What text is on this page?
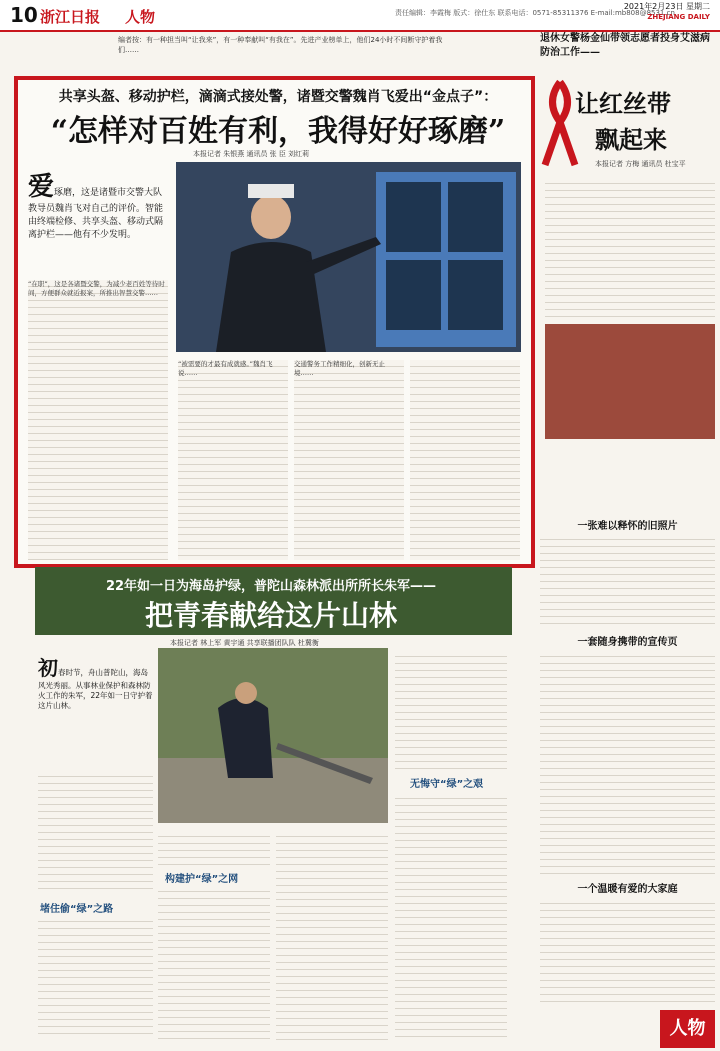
10 浙江日报 人物	责任编辑：李霞梅 版式：徐仕东 联系电话：0571-85311376 E-mail:mb808@8531.cn
2021年2月23日 星期二
ZHEJIANG DAILY
编者按：有一种担当叫“让我来”，有一种奉献叫“有我在”。先进产业榜单上，他们24小时不间断守护着我们……
共享头盔、移动护栏，滴滴式接处警，诸暨交警魏肖飞爱出“金点子”：
“怎样对百姓有利，我得好好琢磨”
本报记者 朱银燕 通讯员 张 臣 刘红莉
爱琢磨，这是诸暨市交警大队教导员魏肖飞对自己的评价。智能由终端检修、共享头盔、移动式隔离护栏——他有不少发明。
“在职”，这是各诸暨交警，为减少老百姓等待时间，方便群众就近报案，所推出智慧交警……
“被需要的才最有成就感。”魏肖飞说……
交通警务工作精细化，创新无止境……
退休女警杨金仙带领志愿者投身艾滋病防治工作——
让红丝带
飘起来
本报记者 方梅 通讯员 杜宝平
一张难以释怀的旧照片
一套随身携带的宣传页
一个温暖有爱的大家庭
22年如一日为海岛护绿，普陀山森林派出所所长朱军——
把青春献给这片山林
本报记者 林上军 黄宇通 共享联播团队队 杜冀衡
初春时节，舟山普陀山，海岛风光秀丽。从事林业保护和森林防火工作的朱军，22年如一日守护着这片山林。
堵住偷“绿”之路
构建护“绿”之网
无悔守“绿”之艰
人物
